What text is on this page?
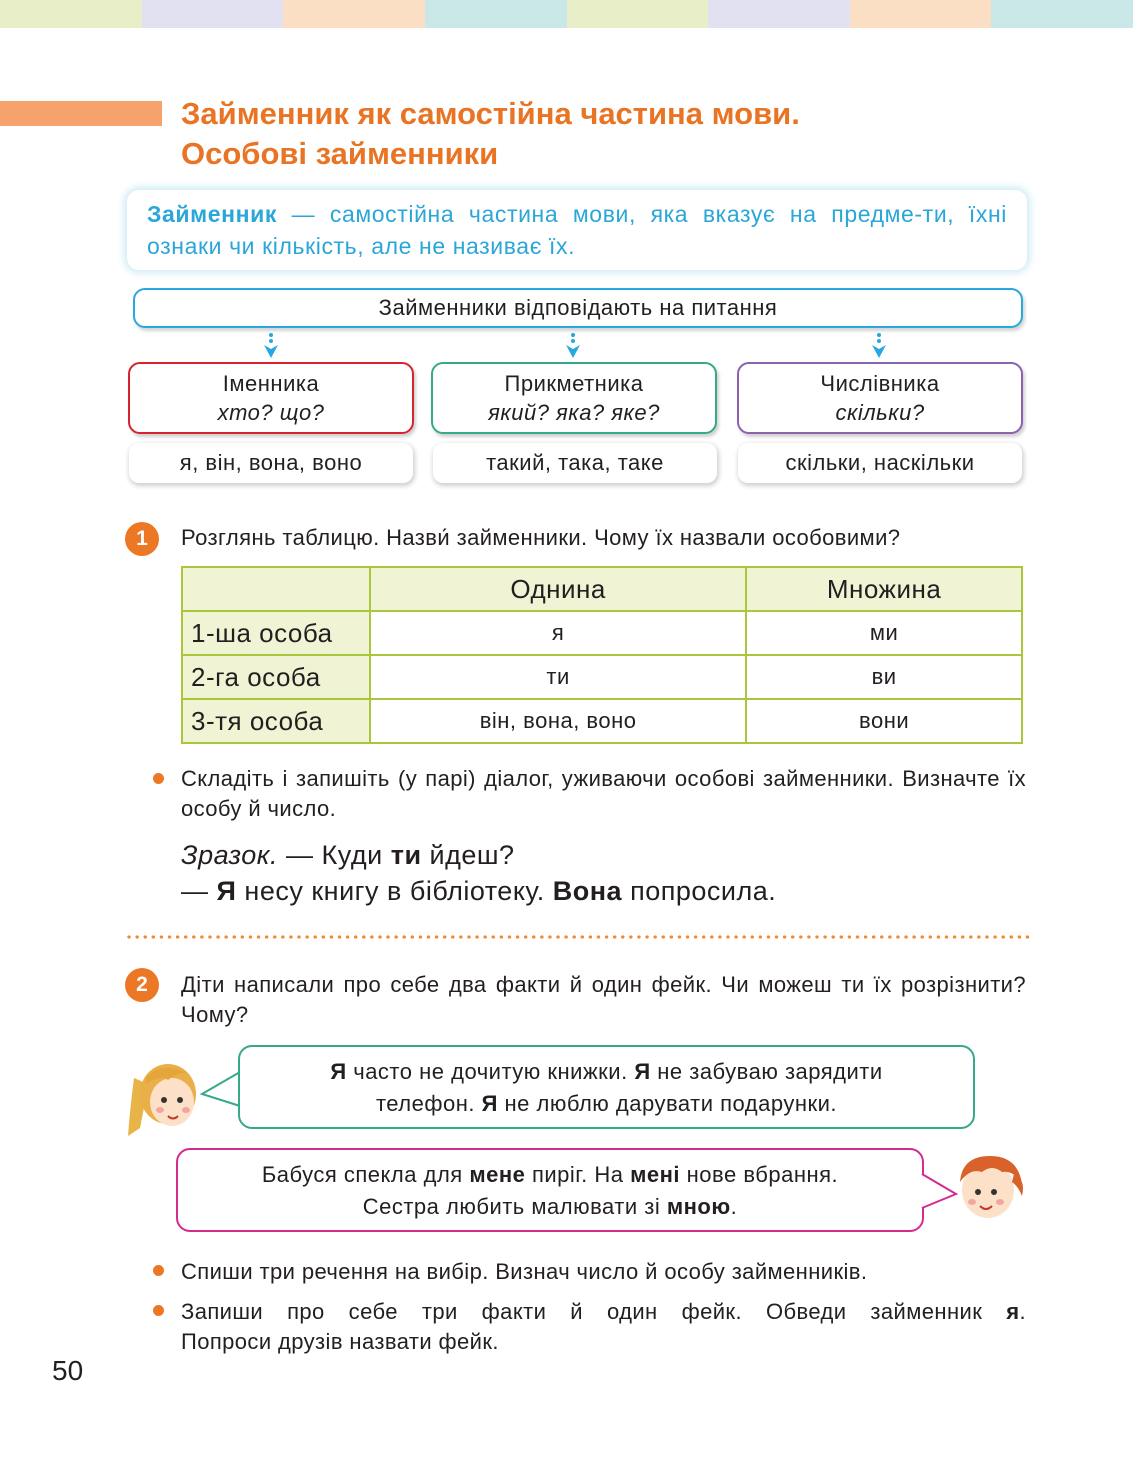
Займенник як самостійна частина мови.
Особові займенники
Займенник — самостійна частина мови, яка вказує на предме-ти, їхні ознаки чи кількість, але не називає їх.
Займенники відповідають на питання
Іменника
хто? що?
Прикметника
який? яка? яке?
Числівника
скільки?
я, він, вона, воно	такий, така, таке	скільки, наскільки
1	Розглянь таблицю. Назви́ займенники. Чому їх назвали особовими?
	Однина	Множина
1-ша особа	я	ми
2-га особа	ти	ви
3-тя особа	він, вона, воно	вони
Складіть і запишіть (у парі) діалог, уживаючи особові займенники. Визначте їх особу й число.
Зразок. — Куди ти йдеш?
— Я несу книгу в бібліотеку. Вона попросила.
2	Діти написали про себе два факти й один фейк. Чи можеш ти їх розрізнити? Чому?
Я часто не дочитую книжки. Я не забуваю зарядити
телефон. Я не люблю дарувати подарунки.
Бабуся спекла для мене пиріг. На мені нове вбрання.
Сестра любить малювати зі мною.
Спиши три речення на вибір. Визнач число й особу займенників.
Запиши про себе три факти й один фейк. Обведи займенник я.
Попроси друзів назвати фейк.
50
